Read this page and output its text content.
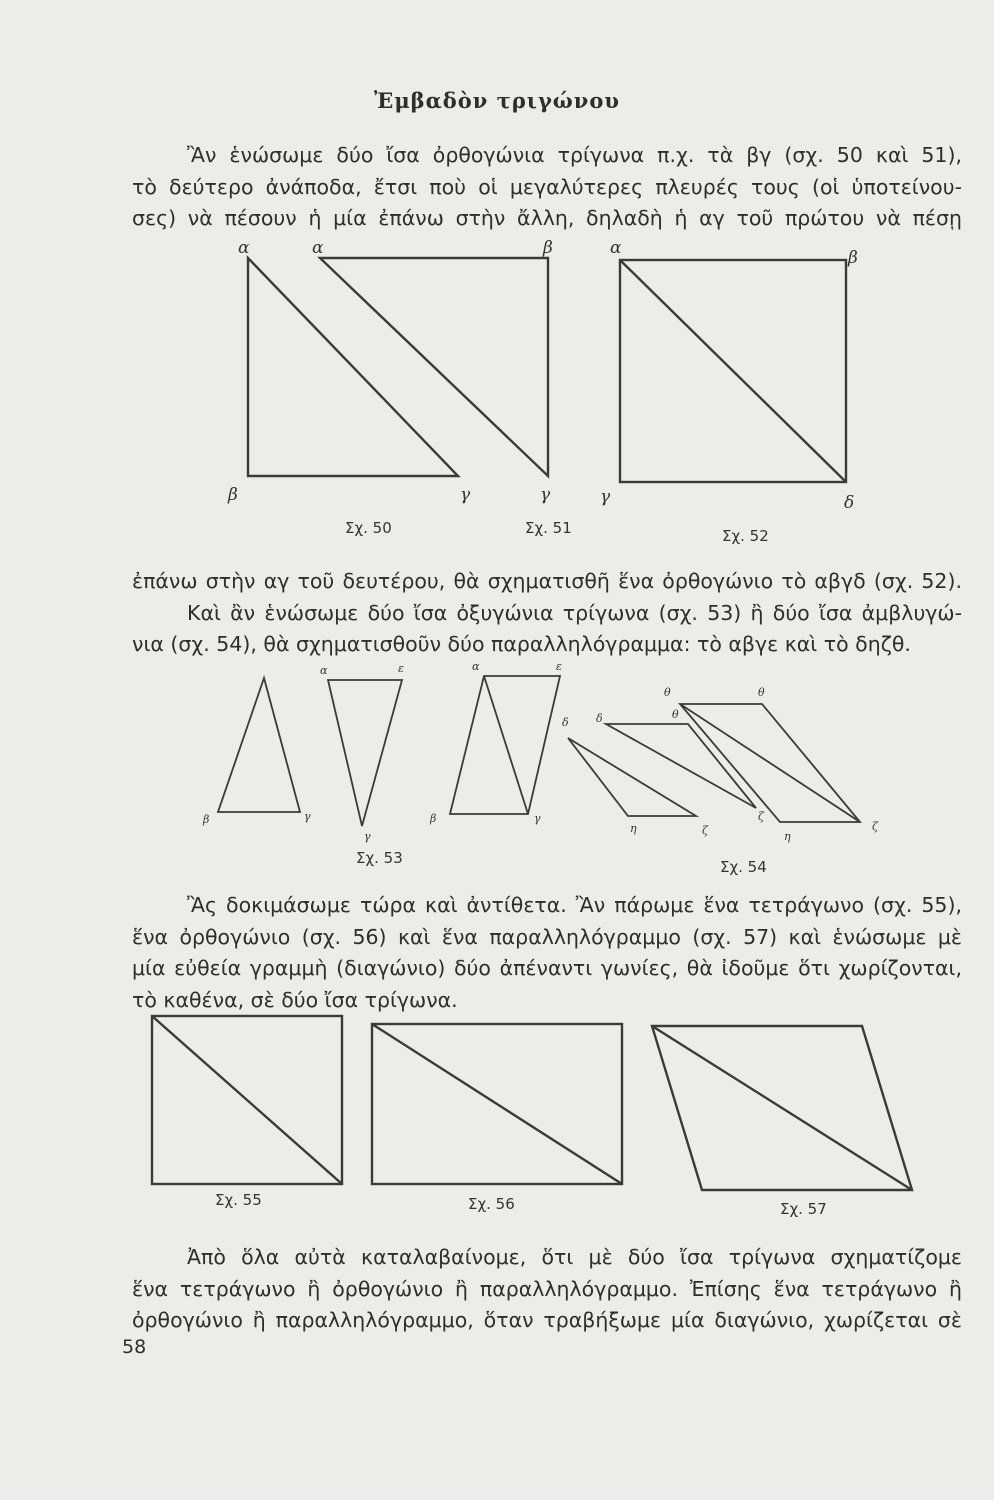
Ἐμβαδὸν τριγώνου
Ἂν ἑνώσωμε δύο ἴσα ὀρθογώνια τρίγωνα π.χ. τὰ βγ (σχ. 50 καὶ 51),
τὸ δεύτερο ἀνάποδα, ἔτσι ποὺ οἱ μεγαλύτερες πλευρές τους (οἱ ὑποτείνου-
σες) νὰ πέσουν ἡ μία ἐπάνω στὴν ἄλλη, δηλαδὴ ἡ αγ τοῦ πρώτου νὰ πέσῃ
ἐπάνω στὴν αγ τοῦ δευτέρου, θὰ σχηματισθῆ ἕνα ὀρθογώνιο τὸ αβγδ (σχ. 52).
Καὶ ἂν ἑνώσωμε δύο ἴσα ὀξυγώνια τρίγωνα (σχ. 53) ἢ δύο ἴσα ἀμβλυγώ-
νια (σχ. 54), θὰ σχηματισθοῦν δύο παραλληλόγραμμα: τὸ αβγε καὶ τὸ δηζθ.
Ἂς δοκιμάσωμε τώρα καὶ ἀντίθετα. Ἂν πάρωμε ἕνα τετράγωνο (σχ. 55),
ἕνα ὀρθογώνιο (σχ. 56) καὶ ἕνα παραλληλόγραμμο (σχ. 57) καὶ ἑνώσωμε μὲ
μία εὐθεία γραμμὴ (διαγώνιο) δύο ἀπέναντι γωνίες, θὰ ἰδοῦμε ὅτι χωρίζονται,
τὸ καθένα, σὲ δύο ἴσα τρίγωνα.
Ἀπὸ ὅλα αὐτὰ καταλαβαίνομε, ὅτι μὲ δύο ἴσα τρίγωνα σχηματίζομε
ἕνα τετράγωνο ἢ ὀρθογώνιο ἢ παραλληλόγραμμο. Ἐπίσης ἕνα τετράγωνο ἢ
ὀρθογώνιο ἢ παραλληλόγραμμο, ὅταν τραβήξωμε μία διαγώνιο, χωρίζεται σὲ
58
α
β	γ
α	β
γ
α	β
γ	δ
Σχ. 50	Σχ. 51	Σχ. 52
α	ε	α	ε
β	γ
γ
β	γ
θ	θ
δ δ	θ
ζ
ζ
ζ
η
η
Σχ. 53	Σχ. 54
Σχ. 55	Σχ. 56	Σχ. 57
